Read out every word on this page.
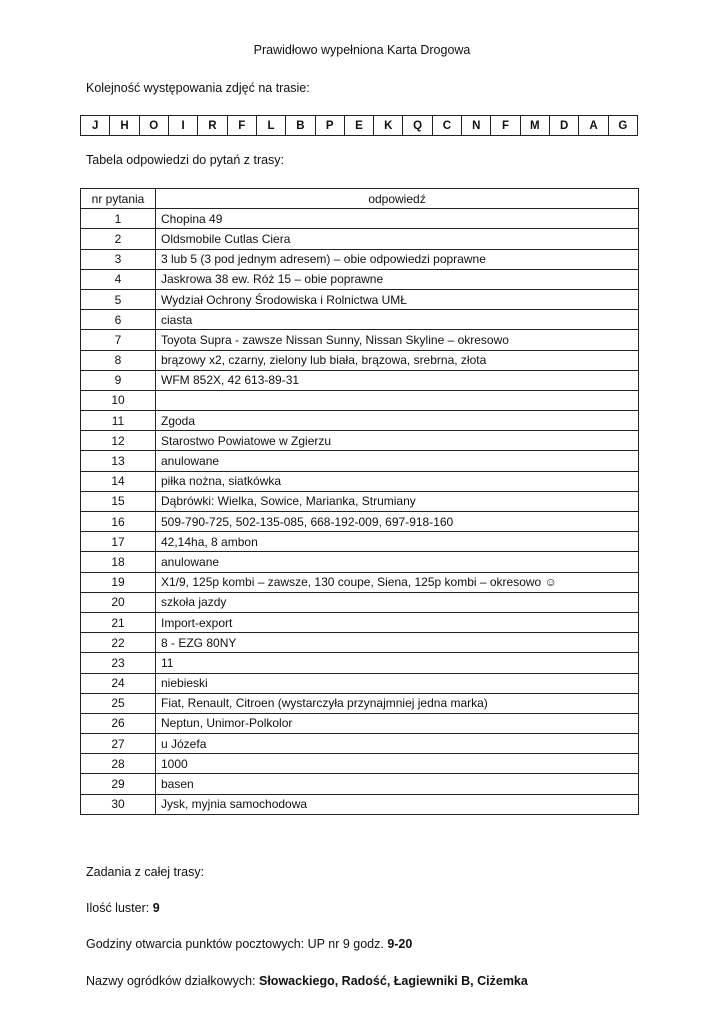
Prawidłowo wypełniona Karta Drogowa
Kolejność występowania zdjęć na trasie:
J	H	O	I	R	F	L	B	P	E	K	Q	C	N	F	M	D	A	G
Tabela odpowiedzi do pytań z trasy:
nr pytania	odpowiedź
1	Chopina 49
2	Oldsmobile Cutlas Ciera
3	3 lub 5 (3 pod jednym adresem) – obie odpowiedzi poprawne
4	Jaskrowa 38 ew. Róż 15 – obie poprawne
5	Wydział Ochrony Środowiska i Rolnictwa UMŁ
6	ciasta
7	Toyota Supra - zawsze Nissan Sunny, Nissan Skyline – okresowo
8	brązowy x2, czarny, zielony lub biała, brązowa, srebrna, złota
9	WFM 852X, 42 613-89-31
10	
11	Zgoda
12	Starostwo Powiatowe w Zgierzu
13	anulowane
14	piłka nożna, siatkówka
15	Dąbrówki: Wielka, Sowice, Marianka, Strumiany
16	509-790-725, 502-135-085, 668-192-009, 697-918-160
17	42,14ha, 8 ambon
18	anulowane
19	X1/9, 125p kombi – zawsze, 130 coupe, Siena, 125p kombi – okresowo ☺
20	szkoła jazdy
21	Import-export
22	8 - EZG 80NY
23	11
24	niebieski
25	Fiat, Renault, Citroen (wystarczyła przynajmniej jedna marka)
26	Neptun, Unimor-Polkolor
27	u Józefa
28	1000
29	basen
30	Jysk, myjnia samochodowa
Zadania z całej trasy:
Ilość luster: 9
Godziny otwarcia punktów pocztowych: UP nr 9 godz. 9-20
Nazwy ogródków działkowych: Słowackiego, Radość, Łagiewniki B, Ciżemka
